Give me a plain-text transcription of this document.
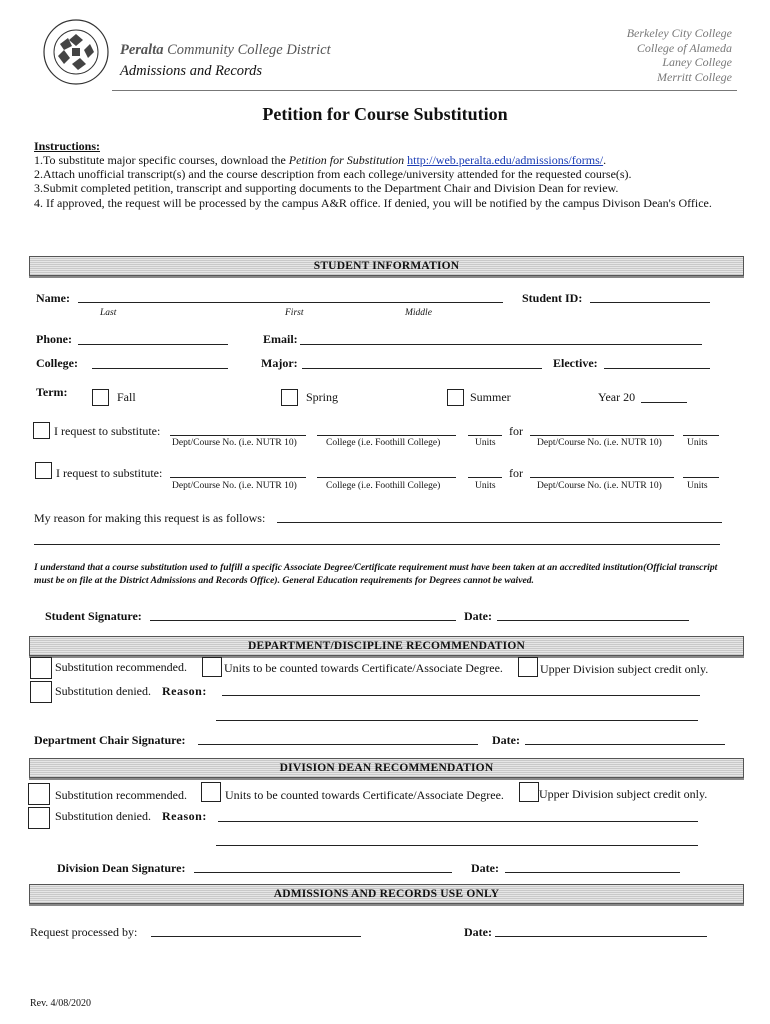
Peralta Community College District
Admissions and Records
Berkeley City College
College of Alameda
Laney College
Merritt College
Petition for Course Substitution
Instructions:
1.To substitute major specific courses, download the Petition for Substitution http://web.peralta.edu/admissions/forms/.
2.Attach unofficial transcript(s) and the course description from each college/university attended for the requested course(s).
3.Submit completed petition, transcript and supporting documents to the Department Chair and Division Dean for review.
4. If approved, the request will be processed by the campus A&R office. If denied, you will be notified by the campus Divison Dean's Office.
STUDENT INFORMATION
Name:
Last	First	Middle
Student ID:
Phone:	Email:
College:	Major:	Elective:
Term:	Fall	Spring	Summer	Year 20
I request to substitute:	for
Dept/Course No. (i.e. NUTR 10)	College (i.e. Foothill College)	Units	Dept/Course No. (i.e. NUTR 10)	Units
I request to substitute:	for
Dept/Course No. (i.e. NUTR 10)	College (i.e. Foothill College)	Units	Dept/Course No. (i.e. NUTR 10)	Units
My reason for making this request is as follows:
I understand that a course substitution used to fulfill a specific Associate Degree/Certificate requirement must have been taken at an accredited institution(Official transcript must be on file at the District Admissions and Records Office). General Education requirements for Degrees cannot be waived.
Student Signature:	Date:
DEPARTMENT/DISCIPLINE RECOMMENDATION
Substitution recommended.	Units to be counted towards Certificate/Associate Degree.	Upper Division subject credit only.
Substitution denied. Reason:
Department Chair Signature:	Date:
DIVISION DEAN RECOMMENDATION
Substitution recommended.	Units to be counted towards Certificate/Associate Degree.	Upper Division subject credit only.
Substitution denied. Reason:
Division Dean Signature:	Date:
ADMISSIONS AND RECORDS USE ONLY
Request processed by:	Date:
Rev. 4/08/2020
